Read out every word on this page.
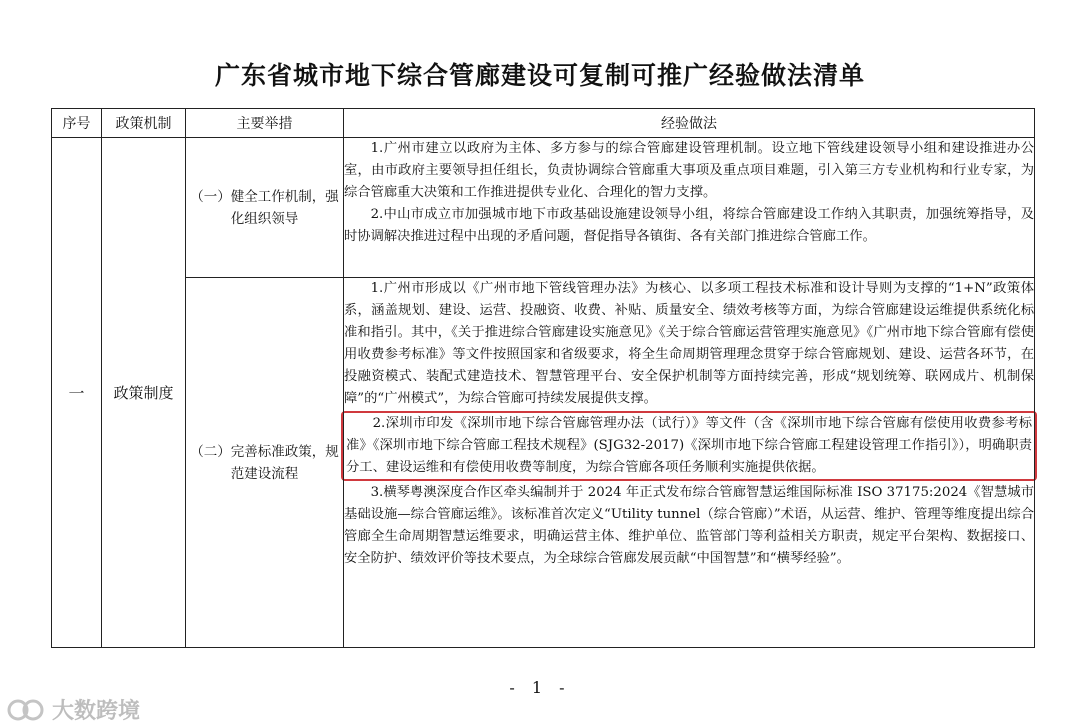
广东省城市地下综合管廊建设可复制可推广经验做法清单
序号	政策机制	主要举措	经验做法
一	政策制度	（一）健全工作机制，强化组织领导	1.广州市建立以政府为主体、多方参与的综合管廊建设管理机制。设立地下管线建设领导小组和建设推进办公室，由市政府主要领导担任组长，负责协调综合管廊重大事项及重点项目难题，引入第三方专业机构和行业专家，为综合管廊重大决策和工作推进提供专业化、合理化的智力支撑。

2.中山市成立市加强城市地下市政基础设施建设领导小组，将综合管廊建设工作纳入其职责，加强统筹指导，及时协调解决推进过程中出现的矛盾问题，督促指导各镇街、各有关部门推进综合管廊工作。

		（二）完善标准政策，规范建设流程	1.广州市形成以《广州市地下管线管理办法》为核心、以多项工程技术标准和设计导则为支撑的“1+N”政策体系，涵盖规划、建设、运营、投融资、收费、补贴、质量安全、绩效考核等方面，为综合管廊建设运维提供系统化标准和指引。其中，《关于推进综合管廊建设实施意见》《关于综合管廊运营管理实施意见》《广州市地下综合管廊有偿使用收费参考标准》等文件按照国家和省级要求，将全生命周期管理理念贯穿于综合管廊规划、建设、运营各环节，在投融资模式、装配式建造技术、智慧管理平台、安全保护机制等方面持续完善，形成“规划统筹、联网成片、机制保障”的“广州模式”，为综合管廊可持续发展提供支撑。

2.深圳市印发《深圳市地下综合管廊管理办法（试行）》等文件（含《深圳市地下综合管廊有偿使用收费参考标准》《深圳市地下综合管廊工程技术规程》(SJG32-2017)《深圳市地下综合管廊工程建设管理工作指引》），明确职责分工、建设运维和有偿使用收费等制度，为综合管廊各项任务顺利实施提供依据。

3.横琴粤澳深度合作区牵头编制并于 2024 年正式发布综合管廊智慧运维国际标准 ISO 37175:2024《智慧城市基础设施—综合管廊运维》。该标准首次定义“Utility tunnel（综合管廊）”术语，从运营、维护、管理等维度提出综合管廊全生命周期智慧运维要求，明确运营主体、维护单位、监管部门等利益相关方职责，规定平台架构、数据接口、安全防护、绩效评价等技术要点，为全球综合管廊发展贡献“中国智慧”和“横琴经验”。

- 1 -
大数跨境
